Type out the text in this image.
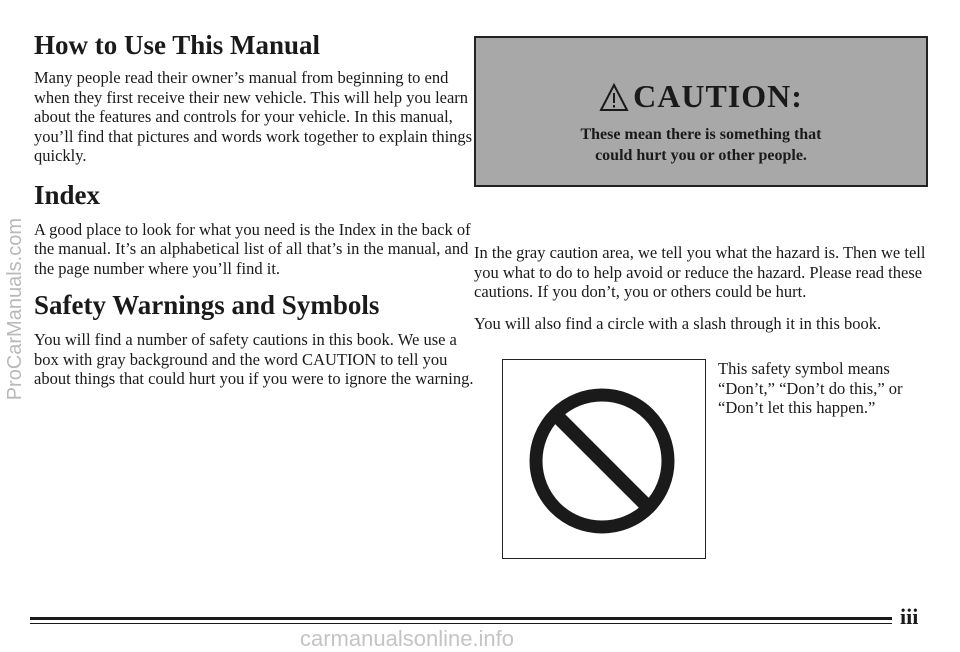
How to Use This Manual

Many people read their owner’s manual from beginning to end when they first receive their new vehicle. This will help you learn about the features and controls for your vehicle. In this manual, you’ll find that pictures and words work together to explain things quickly.

Index

A good place to look for what you need is the Index in the back of the manual. It’s an alphabetical list of all that’s in the manual, and the page number where you’ll find it.

Safety Warnings and Symbols

You will find a number of safety cautions in this book. We use a box with gray background and the word CAUTION to tell you about things that could hurt you if you were to ignore the warning.

CAUTION:
These mean there is something that
could hurt you or other people.

In the gray caution area, we tell you what the hazard is. Then we tell you what to do to help avoid or reduce the hazard. Please read these cautions. If you don’t, you or others could be hurt.

You will also find a circle with a slash through it in this book.

This safety symbol means “Don’t,” “Don’t do this,” or “Don’t let this happen.”

iii
ProCarManuals.com
carmanualsonline.info
